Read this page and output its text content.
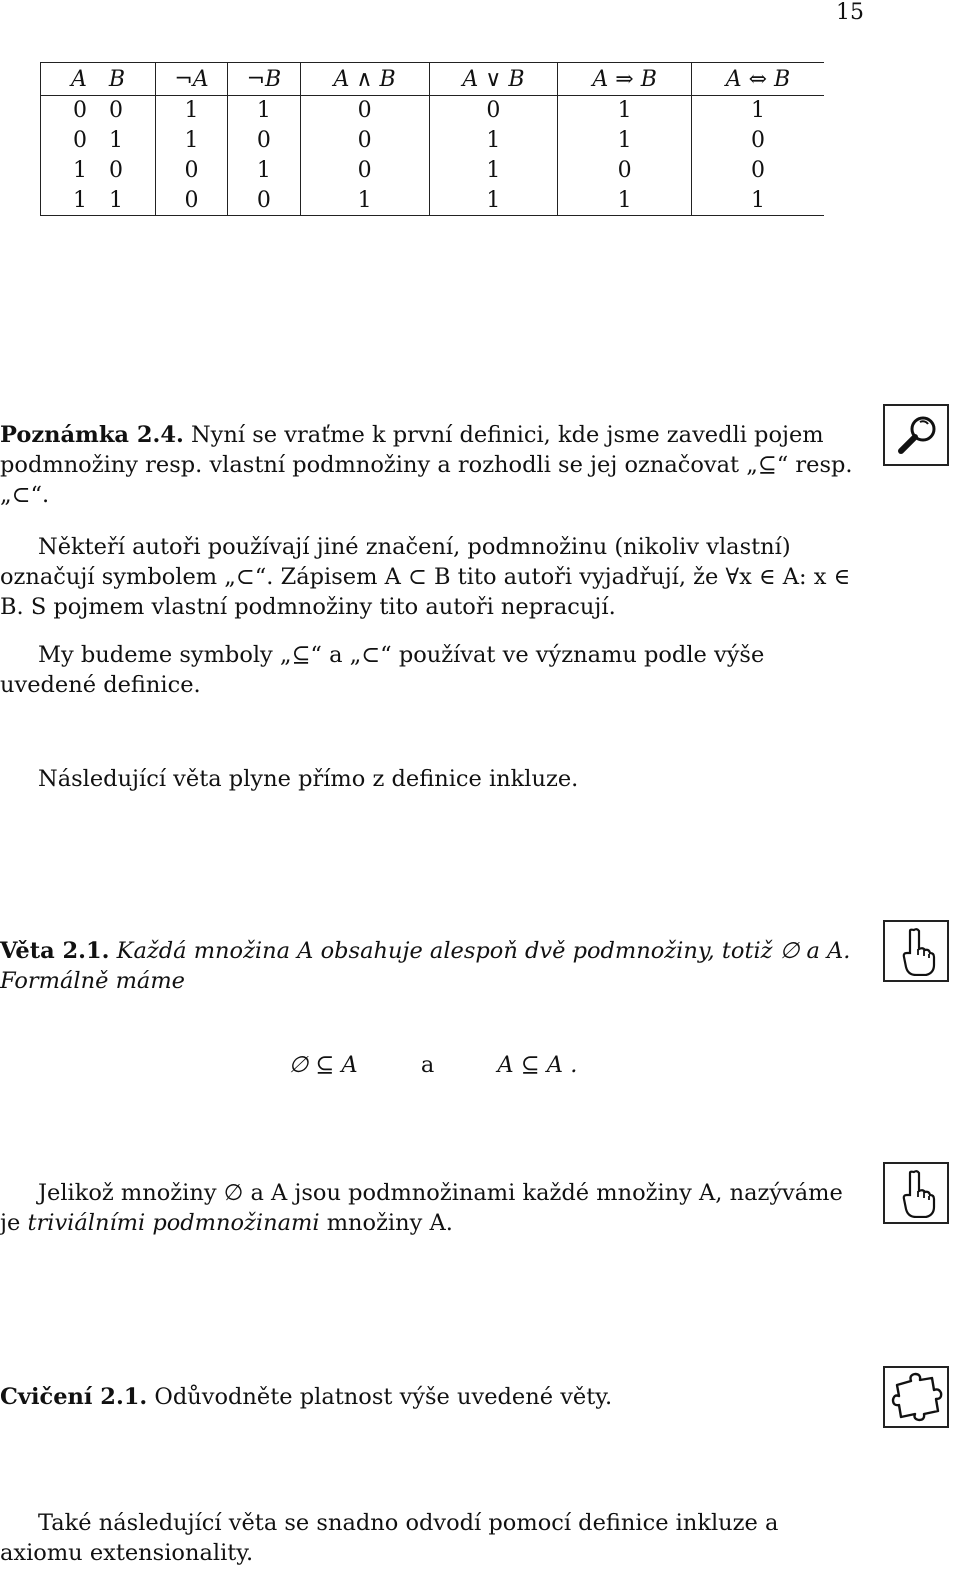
15
A B	¬A	¬B	A ∧ B	A ∨ B	A ⇒ B	A ⇔ B

0 0	1	1	0	0	1	1

0 1	1	0	0	1	1	0

1 0	0	1	0	1	0	0

1 1	0	0	1	1	1	1

Poznámka 2.4. Nyní se vraťme k první definici, kde jsme zavedli pojem podmnožiny resp. vlastní podmnožiny a rozhodli se jej označovat „⊆“ resp. „⊂“.

Někteří autoři používají jiné značení, podmnožinu (nikoliv vlastní) označují symbolem „⊂“. Zápisem A ⊂ B tito autoři vyjadřují, že ∀x ∈ A: x ∈ B. S pojmem vlastní podmnožiny tito autoři nepracují.

My budeme symboly „⊆“ a „⊂“ používat ve významu podle výše uvedené definice.

Následující věta plyne přímo z definice inkluze.

Věta 2.1. Každá množina A obsahuje alespoň dvě podmnožiny, totiž ∅ a A. Formálně máme

∅ ⊆ A	a	A ⊆ A .

Jelikož množiny ∅ a A jsou podmnožinami každé množiny A, nazýváme je triviálními podmnožinami množiny A.

Cvičení 2.1. Odůvodněte platnost výše uvedené věty.

Také následující věta se snadno odvodí pomocí definice inkluze a axiomu extensionality.
